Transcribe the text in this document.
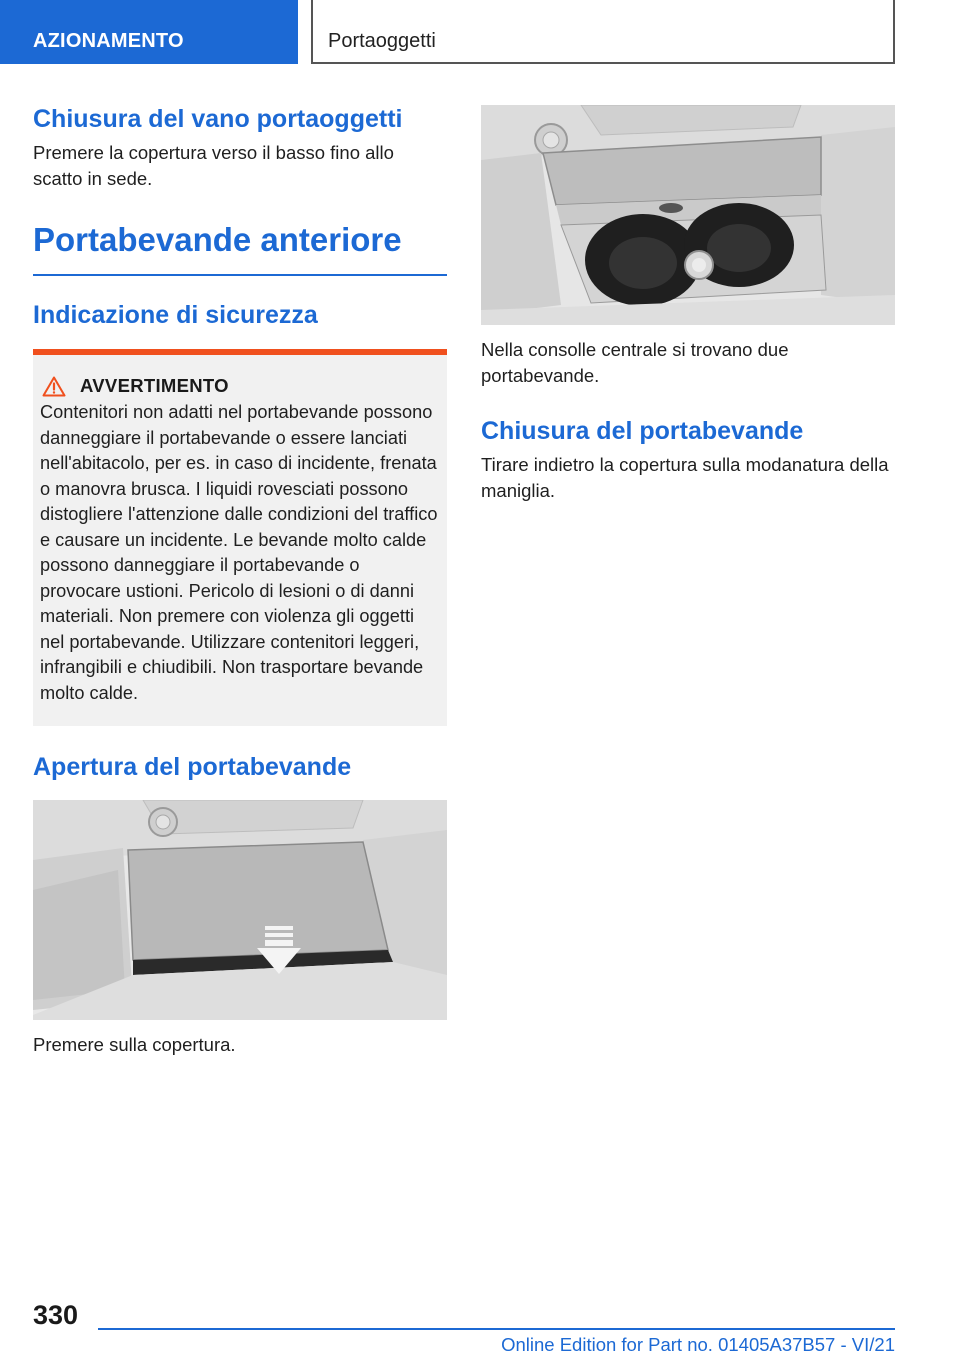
AZIONAMENTO	Portaoggetti
Chiusura del vano portaoggetti
Premere la copertura verso il basso fino allo scatto in sede.
Portabevande anteriore
Indicazione di sicurezza
AVVERTIMENTO
Contenitori non adatti nel portabevande possono danneggiare il portabevande o essere lanciati nell'abitacolo, per es. in caso di incidente, frenata o manovra brusca. I liquidi rovesciati possono distogliere l'attenzione dalle condizioni del traffico e causare un incidente. Le bevande molto calde possono danneggiare il portabevande o provocare ustioni. Pericolo di lesioni o di danni materiali. Non premere con violenza gli oggetti nel portabevande. Utilizzare contenitori leggeri, infrangibili e chiudibili. Non trasportare bevande molto calde.
Apertura del portabevande
Premere sulla copertura.
Nella consolle centrale si trovano due portabevande.
Chiusura del portabevande
Tirare indietro la copertura sulla modanatura della maniglia.
330
Online Edition for Part no. 01405A37B57 - VI/21
